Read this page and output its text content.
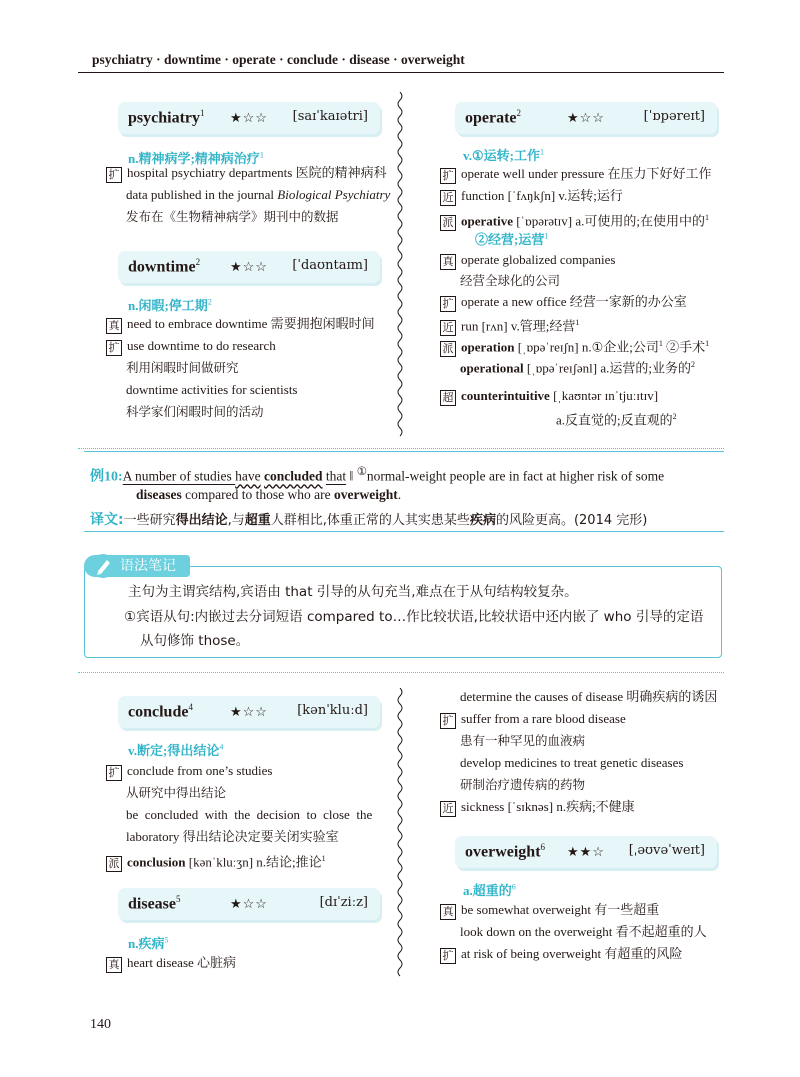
psychiatry · downtime · operate · conclude · disease · overweight
psychiatry$^1$ ★☆☆ [saɪˈkaɪətri]
n.精神病学;精神病治疗$^1$
扩 hospital psychiatry departments 医院的精神病科
data published in the journal Biological Psychiatry
发布在《生物精神病学》期刊中的数据
downtime$^2$ ★☆☆ [ˈdaʊntaɪm]
n.闲暇;停工期$^2$
真 need to embrace downtime 需要拥抱闲暇时间
扩 use downtime to do research
利用闲暇时间做研究
downtime activities for scientists
科学家们闲暇时间的活动
operate$^2$	★☆☆	[ˈɒpəreɪt]
v.①运转;工作$^1$
扩 operate well under pressure 在压力下好好工作
近 function [ˈfʌŋkʃn] v.运转;运行
派 operative [ˈɒpərətɪv] a.可使用的;在使用中的$^1$
②经营;运营$^1$
真 operate globalized companies
经营全球化的公司
扩 operate a new office 经营一家新的办公室
近 run [rʌn] v.管理;经营$^1$
派 operation [ˌɒpəˈreɪʃn] n.①企业;公司$^1$ ②手术$^1$
operational [ˌɒpəˈreɪʃənl] a.运营的;业务的$^2$
超 counterintuitive [ˌkaʊntər ɪnˈtjuːɪtɪv]
a.反直觉的;反直观的$^2$
例10:A number of studies have concluded that ‖ ①normal-weight people are in fact at higher risk of some
diseases compared to those who are overweight.
译文:一些研究得出结论,与超重人群相比,体重正常的人其实患某些疾病的风险更高。(2014 完形)
语法笔记
主句为主谓宾结构,宾语由 that 引导的从句充当,难点在于从句结构较复杂。
①宾语从句:内嵌过去分词短语 compared to…作比较状语,比较状语中还内嵌了 who 引导的定语
从句修饰 those。
conclude$^4$	★☆☆ [kənˈkluːd]
v.断定;得出结论$^4$
扩 conclude from one’s studies
从研究中得出结论
be  concluded  with  the  decision  to  close  the
laboratory 得出结论决定要关闭实验室
派 conclusion [kənˈkluːʒn] n.结论;推论$^1$
disease$^5$	★☆☆	[dɪˈziːz]
n.疾病$^5$
真 heart disease 心脏病
determine the causes of disease 明确疾病的诱因
扩 suffer from a rare blood disease
患有一种罕见的血液病
develop medicines to treat genetic diseases
研制治疗遗传病的药物
近 sickness [ˈsɪknəs] n.疾病;不健康
overweight$^6$ ★★☆ [ˌəʊvəˈweɪt]
a.超重的$^6$
真 be somewhat overweight 有一些超重
look down on the overweight 看不起超重的人
扩 at risk of being overweight 有超重的风险
140
